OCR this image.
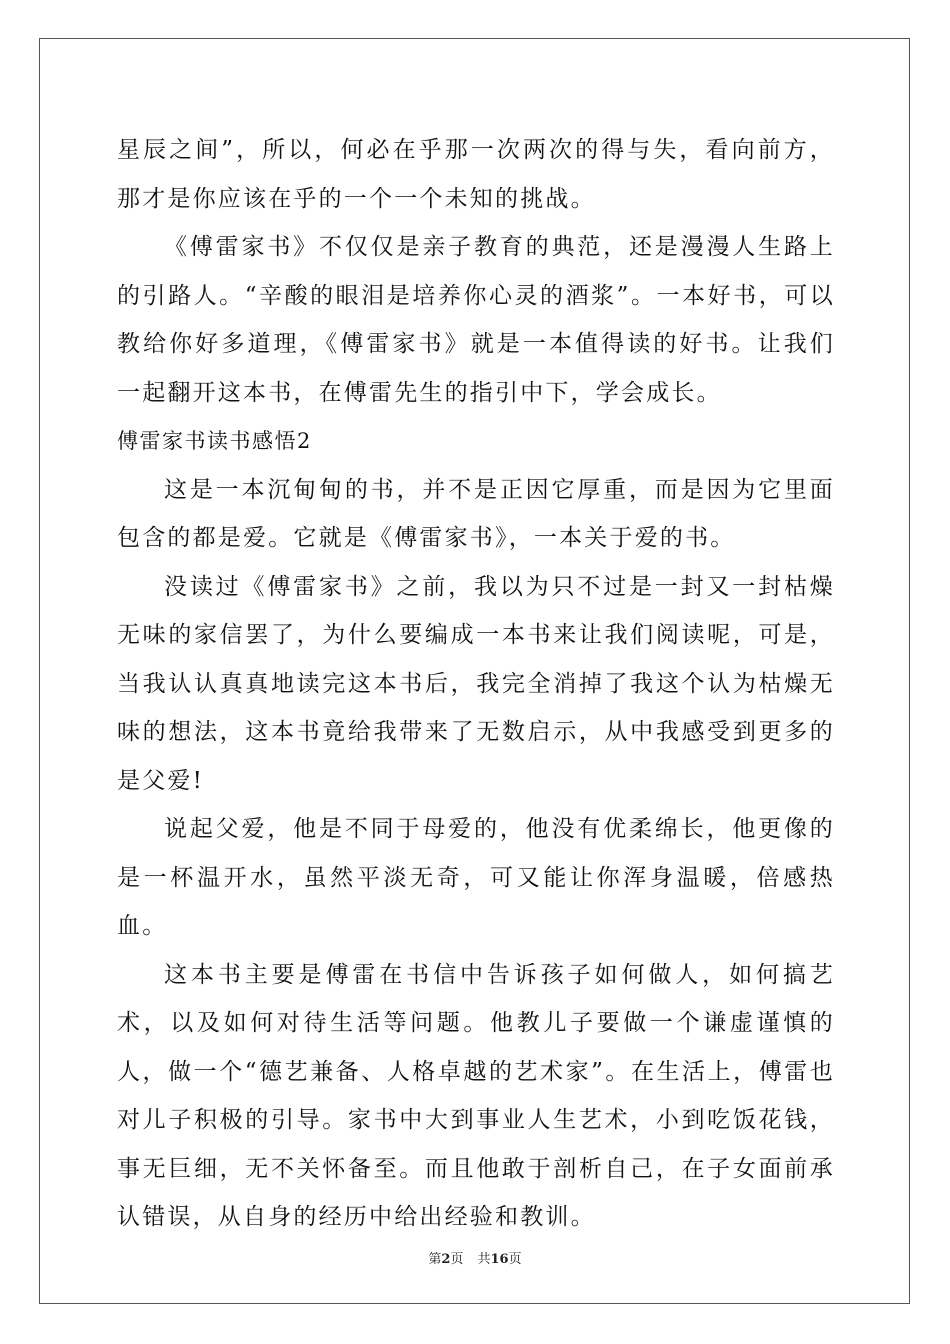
星辰之间”，所以，何必在乎那一次两次的得与失，看向前方，那才是你应该在乎的一个一个未知的挑战。

《傅雷家书》不仅仅是亲子教育的典范，还是漫漫人生路上的引路人。“辛酸的眼泪是培养你心灵的酒浆”。一本好书，可以教给你好多道理，《傅雷家书》就是一本值得读的好书。让我们一起翻开这本书，在傅雷先生的指引中下，学会成长。

傅雷家书读书感悟2

这是一本沉甸甸的书，并不是正因它厚重，而是因为它里面包含的都是爱。它就是《傅雷家书》，一本关于爱的书。

没读过《傅雷家书》之前，我以为只不过是一封又一封枯燥无味的家信罢了，为什么要编成一本书来让我们阅读呢，可是，当我认认真真地读完这本书后，我完全消掉了我这个认为枯燥无味的想法，这本书竟给我带来了无数启示，从中我感受到更多的是父爱!

说起父爱，他是不同于母爱的，他没有优柔绵长，他更像的是一杯温开水，虽然平淡无奇，可又能让你浑身温暖，倍感热血。

这本书主要是傅雷在书信中告诉孩子如何做人，如何搞艺术，以及如何对待生活等问题。他教儿子要做一个谦虚谨慎的人，做一个“德艺兼备、人格卓越的艺术家”。在生活上，傅雷也对儿子积极的引导。家书中大到事业人生艺术，小到吃饭花钱，事无巨细，无不关怀备至。而且他敢于剖析自己，在子女面前承认错误，从自身的经历中给出经验和教训。

第2页 共16页
